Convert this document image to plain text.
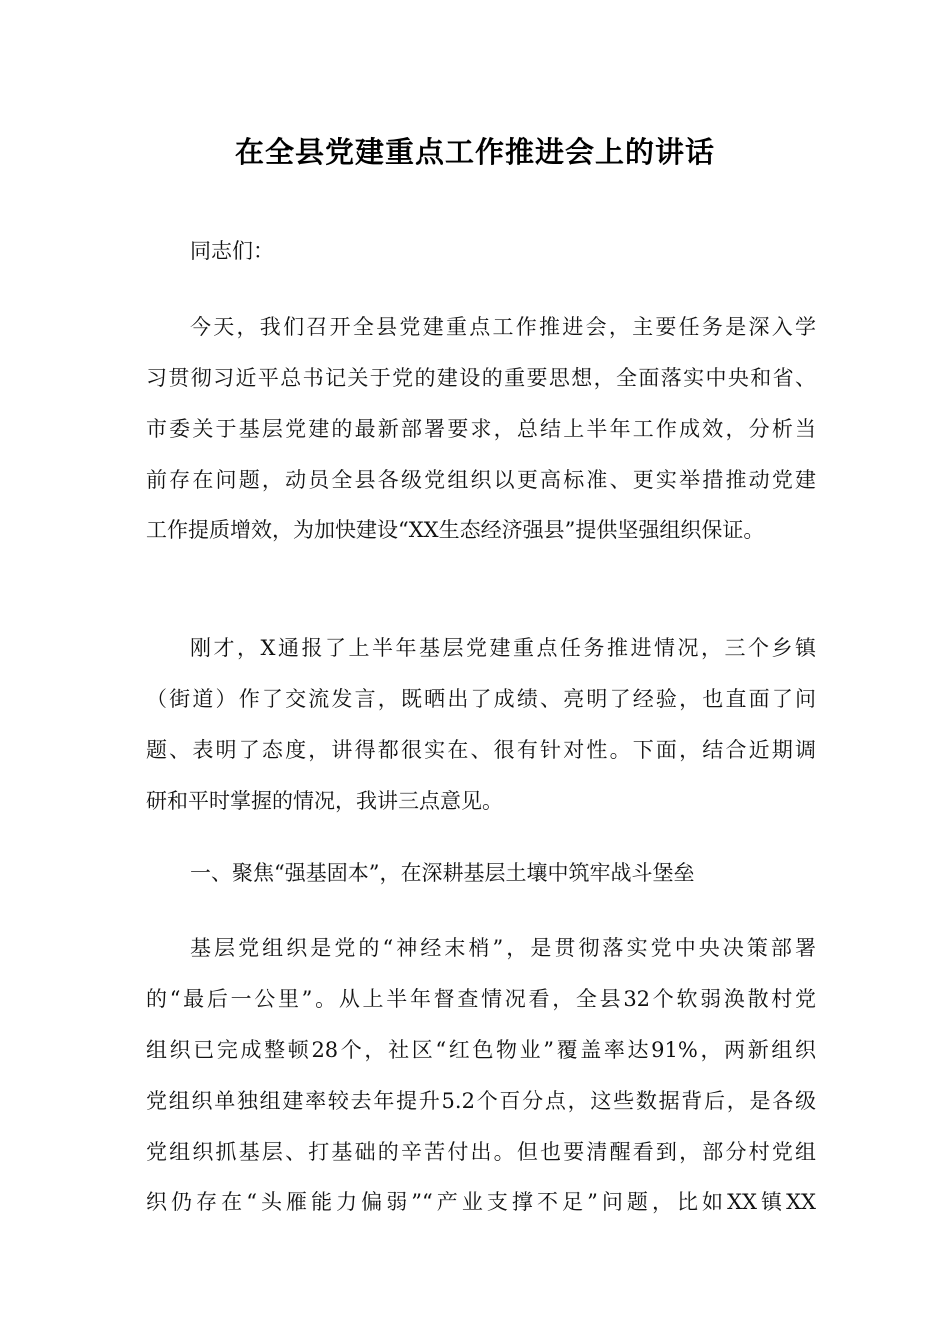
在全县党建重点工作推进会上的讲话
同志们：
今天，我们召开全县党建重点工作推进会，主要任务是深入学
习贯彻习近平总书记关于党的建设的重要思想，全面落实中央和省、
市委关于基层党建的最新部署要求，总结上半年工作成效，分析当
前存在问题，动员全县各级党组织以更高标准、更实举措推动党建
工作提质增效，为加快建设“XX生态经济强县”提供坚强组织保证。
刚才，X通报了上半年基层党建重点任务推进情况，三个乡镇
（街道）作了交流发言，既晒出了成绩、亮明了经验，也直面了问
题、表明了态度，讲得都很实在、很有针对性。下面，结合近期调
研和平时掌握的情况，我讲三点意见。
一、聚焦“强基固本”，在深耕基层土壤中筑牢战斗堡垒
基层党组织是党的“神经末梢”，是贯彻落实党中央决策部署
的“最后一公里”。从上半年督查情况看，全县32个软弱涣散村党
组织已完成整顿28个，社区“红色物业”覆盖率达91%，两新组织
党组织单独组建率较去年提升5.2个百分点，这些数据背后，是各级
党组织抓基层、打基础的辛苦付出。但也要清醒看到，部分村党组
织仍存在“头雁能力偏弱”“产业支撑不足”问题，比如XX镇XX
